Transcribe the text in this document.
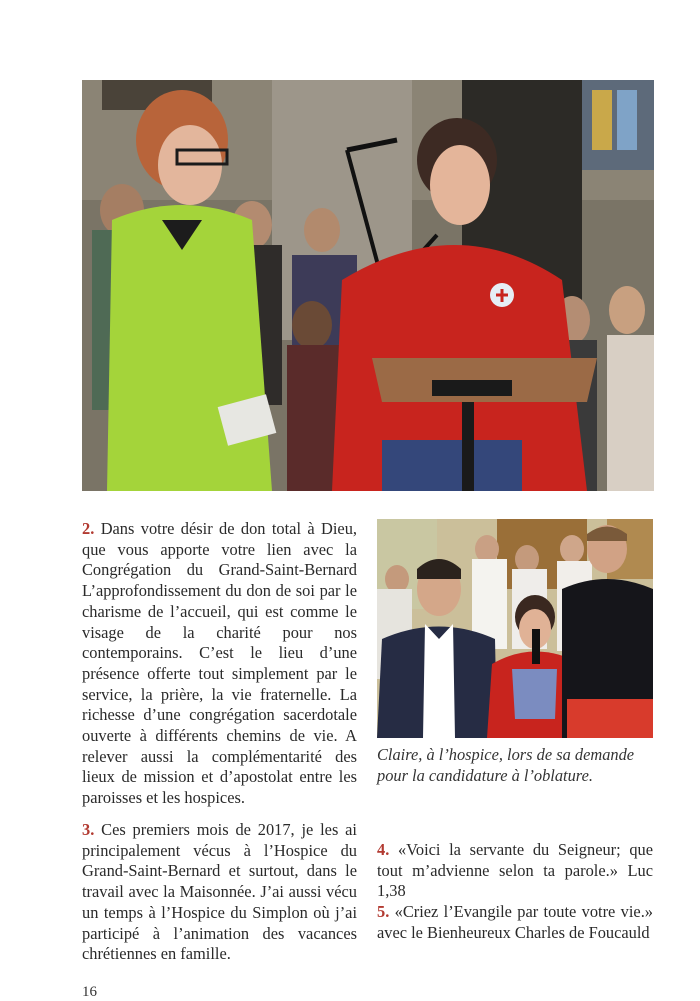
2. Dans votre désir de don total à Dieu, que vous apporte votre lien avec la Congrégation du Grand-Saint-Bernard L’approfondissement du don de soi par le charisme de l’accueil, qui est comme le visage de la charité pour nos contemporains. C’est le lieu d’une présence offerte tout simplement par le service, la prière, la vie fraternelle. La richesse d’une congrégation sacerdotale ouverte à différents chemins de vie. A relever aussi la complémentarité des lieux de mission et d’apostolat entre les paroisses et les hospices.

Claire, à l’hospice, lors de sa demande pour la candidature à l’oblature.

3. Ces premiers mois de 2017, je les ai principalement vécus à l’Hospice du Grand-Saint-Bernard et surtout, dans le travail avec la Maisonnée. J’ai aussi vécu un temps à l’Hospice du Simplon où j’ai participé à l’animation des vacances chrétiennes en famille.

4. «Voici la servante du Seigneur; que tout m’advienne selon ta parole.» Luc 1,38

5. «Criez l’Evangile par toute votre vie.» avec le Bienheureux Charles de Foucauld

16
